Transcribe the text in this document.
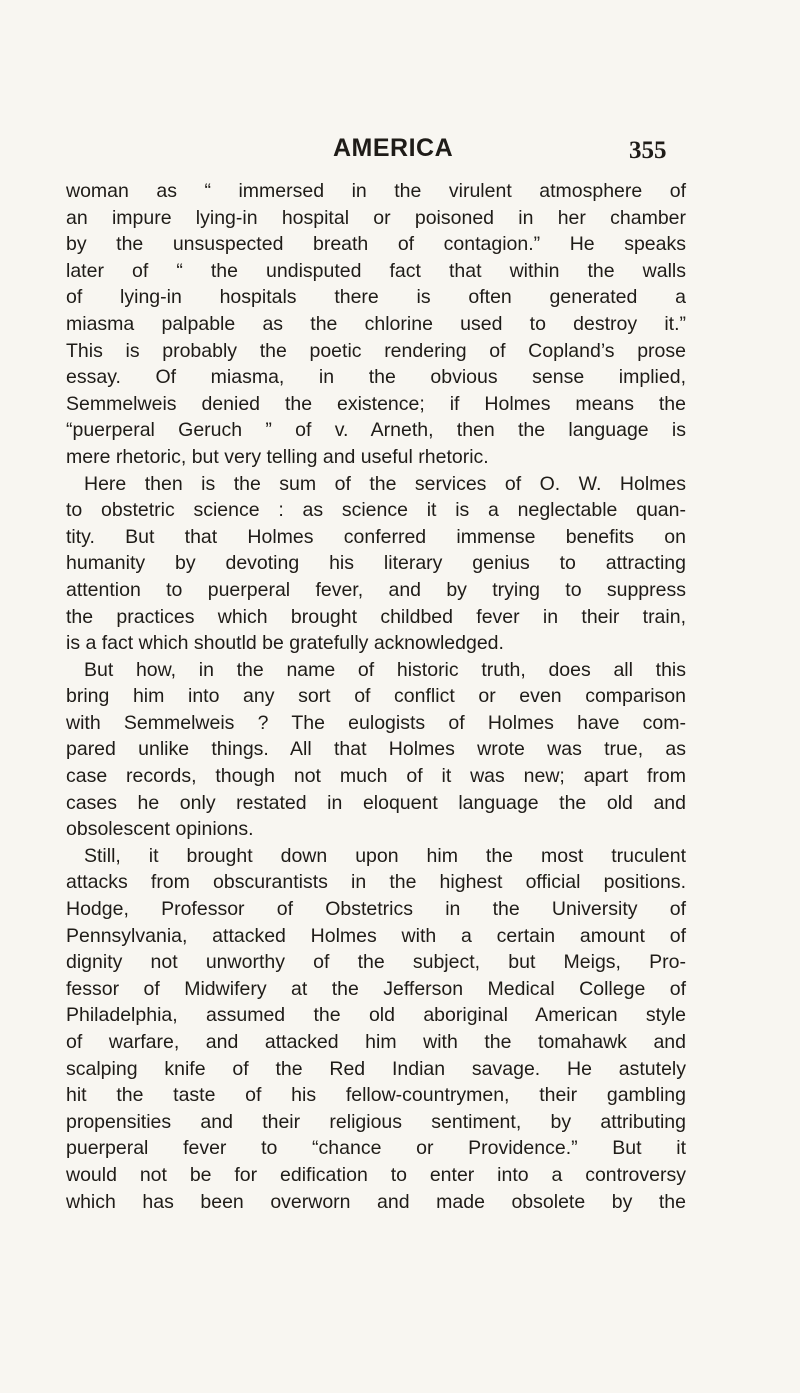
AMERICA	355
woman as “ immersed in the virulent atmosphere of
an impure lying-in hospital or poisoned in her chamber
by the unsuspected breath of contagion.” He speaks
later of “ the undisputed fact that within the walls
of lying-in hospitals there is often generated a
miasma palpable as the chlorine used to destroy it.”
This is probably the poetic rendering of Copland’s prose
essay. Of miasma, in the obvious sense implied,
Semmelweis denied the existence; if Holmes means the
“puerperal Geruch ” of v. Arneth, then the language is
mere rhetoric, but very telling and useful rhetoric.
Here then is the sum of the services of O. W. Holmes
to obstetric science : as science it is a neglectable quan-
tity. But that Holmes conferred immense benefits on
humanity by devoting his literary genius to attracting
attention to puerperal fever, and by trying to suppress
the practices which brought childbed fever in their train,
is a fact which shoutld be gratefully acknowledged.
But how, in the name of historic truth, does all this
bring him into any sort of conflict or even comparison
with Semmelweis ? The eulogists of Holmes have com-
pared unlike things. All that Holmes wrote was true, as
case records, though not much of it was new; apart from
cases he only restated in eloquent language the old and
obsolescent opinions.
Still, it brought down upon him the most truculent
attacks from obscurantists in the highest official positions.
Hodge, Professor of Obstetrics in the University of
Pennsylvania, attacked Holmes with a certain amount of
dignity not unworthy of the subject, but Meigs, Pro-
fessor of Midwifery at the Jefferson Medical College of
Philadelphia, assumed the old aboriginal American style
of warfare, and attacked him with the tomahawk and
scalping knife of the Red Indian savage. He astutely
hit the taste of his fellow-countrymen, their gambling
propensities and their religious sentiment, by attributing
puerperal fever to “chance or Providence.” But it
would not be for edification to enter into a controversy
which has been overworn and made obsolete by the
